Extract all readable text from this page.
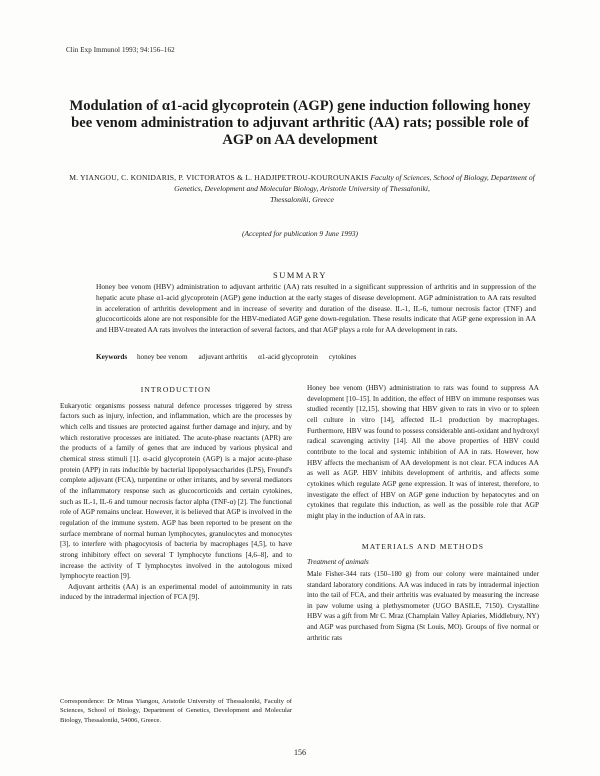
Clin Exp Immunol 1993; 94:156–162
Modulation of α1-acid glycoprotein (AGP) gene induction following honey bee venom administration to adjuvant arthritic (AA) rats; possible role of AGP on AA development
M. YIANGOU, C. KONIDARIS, P. VICTORATOS & L. HADJIPETROU-KOUROUNAKIS Faculty of Sciences, School of Biology, Department of Genetics, Development and Molecular Biology, Aristotle University of Thessaloniki,
Thessaloniki, Greece
(Accepted for publication 9 June 1993)
SUMMARY
Honey bee venom (HBV) administration to adjuvant arthritic (AA) rats resulted in a significant suppression of arthritis and in suppression of the hepatic acute phase α1-acid glycoprotein (AGP) gene induction at the early stages of disease development. AGP administration to AA rats resulted in acceleration of arthritis development and in increase of severity and duration of the disease. IL-1, IL-6, tumour necrosis factor (TNF) and glucocorticoids alone are not responsible for the HBV-mediated AGP gene down-regulation. These results indicate that AGP gene expression in AA and HBV-treated AA rats involves the interaction of several factors, and that AGP plays a role for AA development in rats.
Keywords honey bee venom adjuvant arthritis α1-acid glycoprotein cytokines
INTRODUCTION

Eukaryotic organisms possess natural defence processes triggered by stress factors such as injury, infection, and inflammation, which are the processes by which cells and tissues are protected against further damage and injury, and by which restorative processes are initiated. The acute-phase reactants (APR) are the products of a family of genes that are induced by various physical and chemical stress stimuli [1]. α-acid glycoprotein (AGP) is a major acute-phase protein (APP) in rats inducible by bacterial lipopolysaccharides (LPS), Freund's complete adjuvant (FCA), turpentine or other irritants, and by several mediators of the inflammatory response such as glucocorticoids and certain cytokines, such as IL-1, IL-6 and tumour necrosis factor alpha (TNF-α) [2]. The functional role of AGP remains unclear. However, it is believed that AGP is involved in the regulation of the immune system. AGP has been reported to be present on the surface membrane of normal human lymphocytes, granulocytes and monocytes [3], to interfere with phagocytosis of bacteria by macrophages [4,5], to have strong inhibitory effect on several T lymphocyte functions [4,6–8], and to increase the activity of T lymphocytes involved in the autologous mixed lymphocyte reaction [9].

Adjuvant arthritis (AA) is an experimental model of autoimmunity in rats induced by the intradermal injection of FCA [9].

Honey bee venom (HBV) administration to rats was found to suppress AA development [10–15]. In addition, the effect of HBV on immune responses was studied recently [12,15], showing that HBV given to rats in vivo or to spleen cell culture in vitro [14], affected IL-1 production by macrophages. Furthermore, HBV was found to possess considerable anti-oxidant and hydroxyl radical scavenging activity [14]. All the above properties of HBV could contribute to the local and systemic inhibition of AA in rats. However, how HBV affects the mechanism of AA development is not clear. FCA induces AA as well as AGP. HBV inhibits development of arthritis, and affects some cytokines which regulate AGP gene expression. It was of interest, therefore, to investigate the effect of HBV on AGP gene induction by hepatocytes and on cytokines that regulate this induction, as well as the possible role that AGP might play in the induction of AA in rats.

MATERIALS AND METHODS
Treatment of animals

Male Fisher-344 rats (150–180 g) from our colony were maintained under standard laboratory conditions. AA was induced in rats by intradermal injection into the tail of FCA, and their arthritis was evaluated by measuring the increase in paw volume using a plethysmometer (UGO BASILE, 7150). Crystalline HBV was a gift from Mr C. Mraz (Champlain Valley Apiaries, Middlebury, NY) and AGP was purchased from Sigma (St Louis, MO). Groups of five normal or arthritic rats

Correspondence: Dr Minas Yiangou, Aristotle University of Thessaloniki, Faculty of Sciences, School of Biology, Department of Genetics, Development and Molecular Biology, Thessaloniki, 54006, Greece.
156
